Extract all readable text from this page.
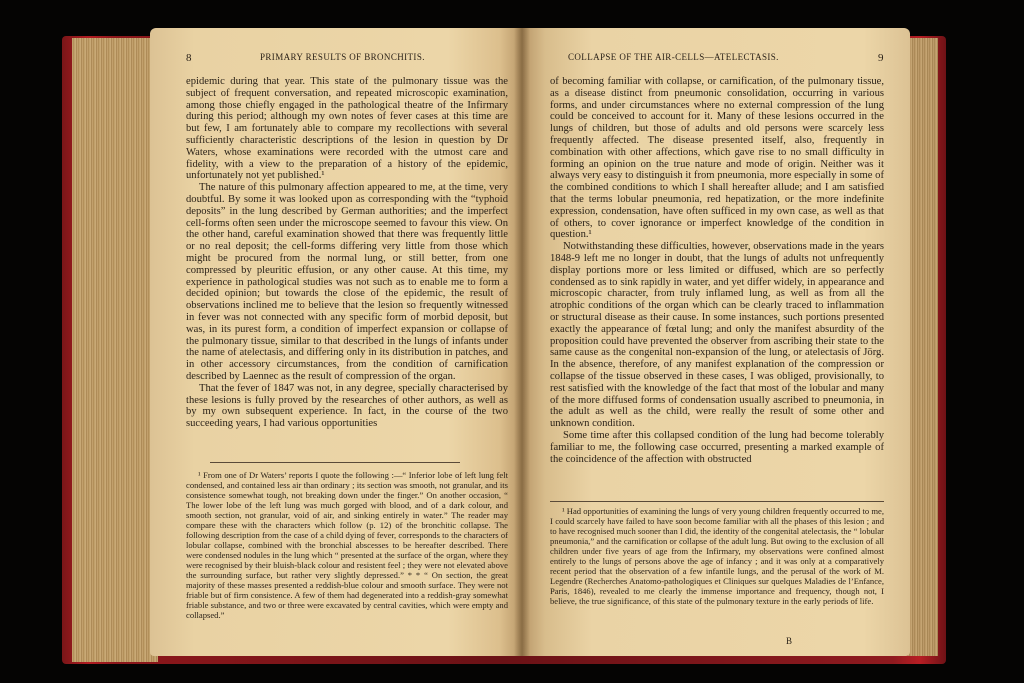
8	PRIMARY RESULTS OF BRONCHITIS.

epidemic during that year. This state of the pulmonary tissue was the subject of frequent conversation, and repeated microscopic examination, among those chiefly engaged in the pathological theatre of the Infirmary during this period; although my own notes of fever cases at this time are but few, I am fortunately able to compare my recollections with several sufficiently characteristic descriptions of the lesion in question by Dr Waters, whose examinations were recorded with the utmost care and fidelity, with a view to the preparation of a history of the epidemic, unfortunately not yet published.¹

The nature of this pulmonary affection appeared to me, at the time, very doubtful. By some it was looked upon as corresponding with the “typhoid deposits” in the lung described by German authorities; and the imperfect cell-forms often seen under the microscope seemed to favour this view. On the other hand, careful examination showed that there was frequently little or no real deposit; the cell-forms differing very little from those which might be procured from the normal lung, or still better, from one compressed by pleuritic effusion, or any other cause. At this time, my experience in pathological studies was not such as to enable me to form a decided opinion; but towards the close of the epidemic, the result of observations inclined me to believe that the lesion so frequently witnessed in fever was not connected with any specific form of morbid deposit, but was, in its purest form, a condition of imperfect expansion or collapse of the pulmonary tissue, similar to that described in the lungs of infants under the name of atelectasis, and differing only in its distribution in patches, and in other accessory circumstances, from the condition of carnification described by Laennec as the result of compression of the organ.

That the fever of 1847 was not, in any degree, specially characterised by these lesions is fully proved by the researches of other authors, as well as by my own subsequent experience. In fact, in the course of the two succeeding years, I had various opportunities

¹ From one of Dr Waters’ reports I quote the following :—“ Inferior lobe of left lung felt condensed, and contained less air than ordinary ; its section was smooth, not granular, and its consistence somewhat tough, not breaking down under the finger.” On another occasion, “ The lower lobe of the left lung was much gorged with blood, and of a dark colour, and smooth section, not granular, void of air, and sinking entirely in water.” The reader may compare these with the characters which follow (p. 12) of the bronchitic collapse. The following description from the case of a child dying of fever, corresponds to the characters of lobular collapse, combined with the bronchial abscesses to be hereafter described. There were condensed nodules in the lung which “ presented at the surface of the organ, where they were recognised by their bluish-black colour and resistent feel ; they were not elevated above the surrounding surface, but rather very slightly depressed.” * * “ On section, the great majority of these masses presented a reddish-blue colour and smooth surface. They were not friable but of firm consistence. A few of them had degenerated into a reddish-gray somewhat friable substance, and two or three were excavated by central cavities, which were empty and collapsed.”

COLLAPSE OF THE AIR-CELLS—ATELECTASIS.	9

of becoming familiar with collapse, or carnification, of the pulmonary tissue, as a disease distinct from pneumonic consolidation, occurring in various forms, and under circumstances where no external compression of the lung could be conceived to account for it. Many of these lesions occurred in the lungs of children, but those of adults and old persons were scarcely less frequently affected. The disease presented itself, also, frequently in combination with other affections, which gave rise to no small difficulty in forming an opinion on the true nature and mode of origin. Neither was it always very easy to distinguish it from pneumonia, more especially in some of the combined conditions to which I shall hereafter allude; and I am satisfied that the terms lobular pneumonia, red hepatization, or the more indefinite expression, condensation, have often sufficed in my own case, as well as that of others, to cover ignorance or imperfect knowledge of the condition in question.¹

Notwithstanding these difficulties, however, observations made in the years 1848-9 left me no longer in doubt, that the lungs of adults not unfrequently display portions more or less limited or diffused, which are so perfectly condensed as to sink rapidly in water, and yet differ widely, in appearance and microscopic character, from truly inflamed lung, as well as from all the atrophic conditions of the organ which can be clearly traced to inflammation or structural disease as their cause. In some instances, such portions presented exactly the appearance of fœtal lung; and only the manifest absurdity of the proposition could have prevented the observer from ascribing their state to the same cause as the congenital non-expansion of the lung, or atelectasis of Jörg. In the absence, therefore, of any manifest explanation of the compression or collapse of the tissue observed in these cases, I was obliged, provisionally, to rest satisfied with the knowledge of the fact that most of the lobular and many of the more diffused forms of condensation usually ascribed to pneumonia, in the adult as well as the child, were really the result of some other and unknown condition.

Some time after this collapsed condition of the lung had become tolerably familiar to me, the following case occurred, presenting a marked example of the coincidence of the affection with obstructed

¹ Had opportunities of examining the lungs of very young children frequently occurred to me, I could scarcely have failed to have soon become familiar with all the phases of this lesion ; and to have recognised much sooner than I did, the identity of the congenital atelectasis, the “ lobular pneumonia,” and the carnification or collapse of the adult lung. But owing to the exclusion of all children under five years of age from the Infirmary, my observations were confined almost entirely to the lungs of persons above the age of infancy ; and it was only at a comparatively recent period that the observation of a few infantile lungs, and the perusal of the work of M. Legendre (Recherches Anatomo-pathologiques et Cliniques sur quelques Maladies de l’Enfance, Paris, 1846), revealed to me clearly the immense importance and frequency, though not, I believe, the true significance, of this state of the pulmonary texture in the early periods of life.

B
